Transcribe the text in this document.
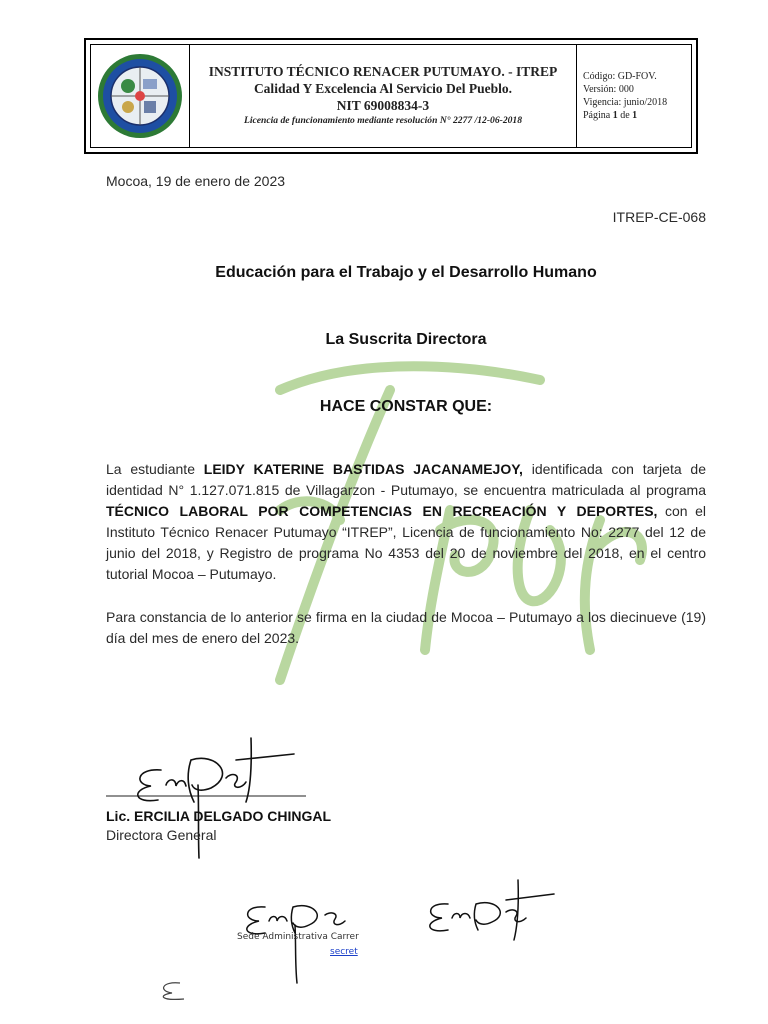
INSTITUTO TÉCNICO RENACER PUTUMAYO. - ITREP
Calidad Y Excelencia Al Servicio Del Pueblo.
NIT 69008834-3
Licencia de funcionamiento mediante resolución N° 2277 /12-06-2018
Código: GD-FOV.
Versión: 000
Vigencia: junio/2018
Página 1 de 1
Itrep
Mocoa, 19 de enero de 2023
ITREP-CE-068
Educación para el Trabajo y el Desarrollo Humano
La Suscrita Directora
HACE CONSTAR QUE:

La estudiante LEIDY KATERINE BASTIDAS JACANAMEJOY, identificada con tarjeta de identidad N° 1.127.071.815 de Villagarzon - Putumayo, se encuentra matriculada al programa TÉCNICO LABORAL POR COMPETENCIAS EN RECREACIÓN Y DEPORTES, con el Instituto Técnico Renacer Putumayo “ITREP”, Licencia de funcionamiento No: 2277 del 12 de junio del 2018, y Registro de programa No 4353 del 20 de noviembre del 2018, en el centro tutorial Mocoa – Putumayo.

Para constancia de lo anterior se firma en la ciudad de Mocoa – Putumayo a los diecinueve (19) día del mes de enero del 2023.

Lic. ERCILIA DELGADO CHINGAL
Directora General
Sede Administrativa Carrer
secret
